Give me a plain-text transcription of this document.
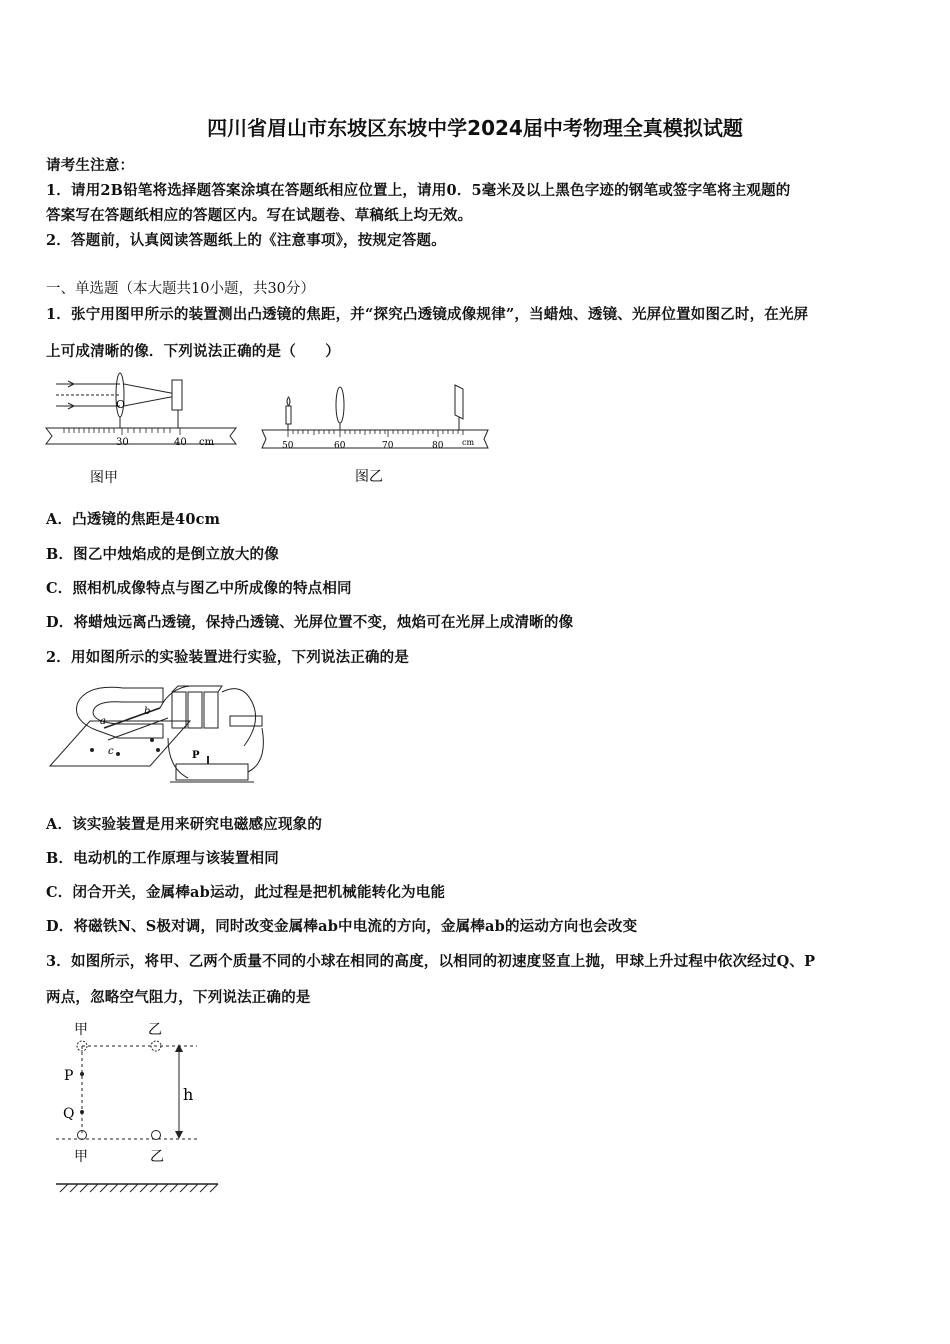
四川省眉山市东坡区东坡中学2024届中考物理全真模拟试题
请考生注意：
1．请用2B铅笔将选择题答案涂填在答题纸相应位置上，请用0．5毫米及以上黑色字迹的钢笔或签字笔将主观题的
答案写在答题纸相应的答题区内。写在试题卷、草稿纸上均无效。
2．答题前，认真阅读答题纸上的《注意事项》，按规定答题。
一、单选题（本大题共10小题，共30分）
1．张宁用图甲所示的装置测出凸透镜的焦距，并“探究凸透镜成像规律”，当蜡烛、透镜、光屏位置如图乙时，在光屏
上可成清晰的像．下列说法正确的是（　　）
O
30	40 cm
图甲
50	60	70	80 cm
图乙
A．凸透镜的焦距是40cm
B．图乙中烛焰成的是倒立放大的像
C．照相机成像特点与图乙中所成像的特点相同
D．将蜡烛远离凸透镜，保持凸透镜、光屏位置不变，烛焰可在光屏上成清晰的像
2．用如图所示的实验装置进行实验，下列说法正确的是
a
b
c	P
A．该实验装置是用来研究电磁感应现象的
B．电动机的工作原理与该装置相同
C．闭合开关，金属棒ab运动，此过程是把机械能转化为电能
D．将磁铁N、S极对调，同时改变金属棒ab中电流的方向，金属棒ab的运动方向也会改变
3．如图所示，将甲、乙两个质量不同的小球在相同的高度，以相同的初速度竖直上抛，甲球上升过程中依次经过Q、P
两点，忽略空气阻力，下列说法正确的是
甲	乙
P
Q
h
甲	乙
